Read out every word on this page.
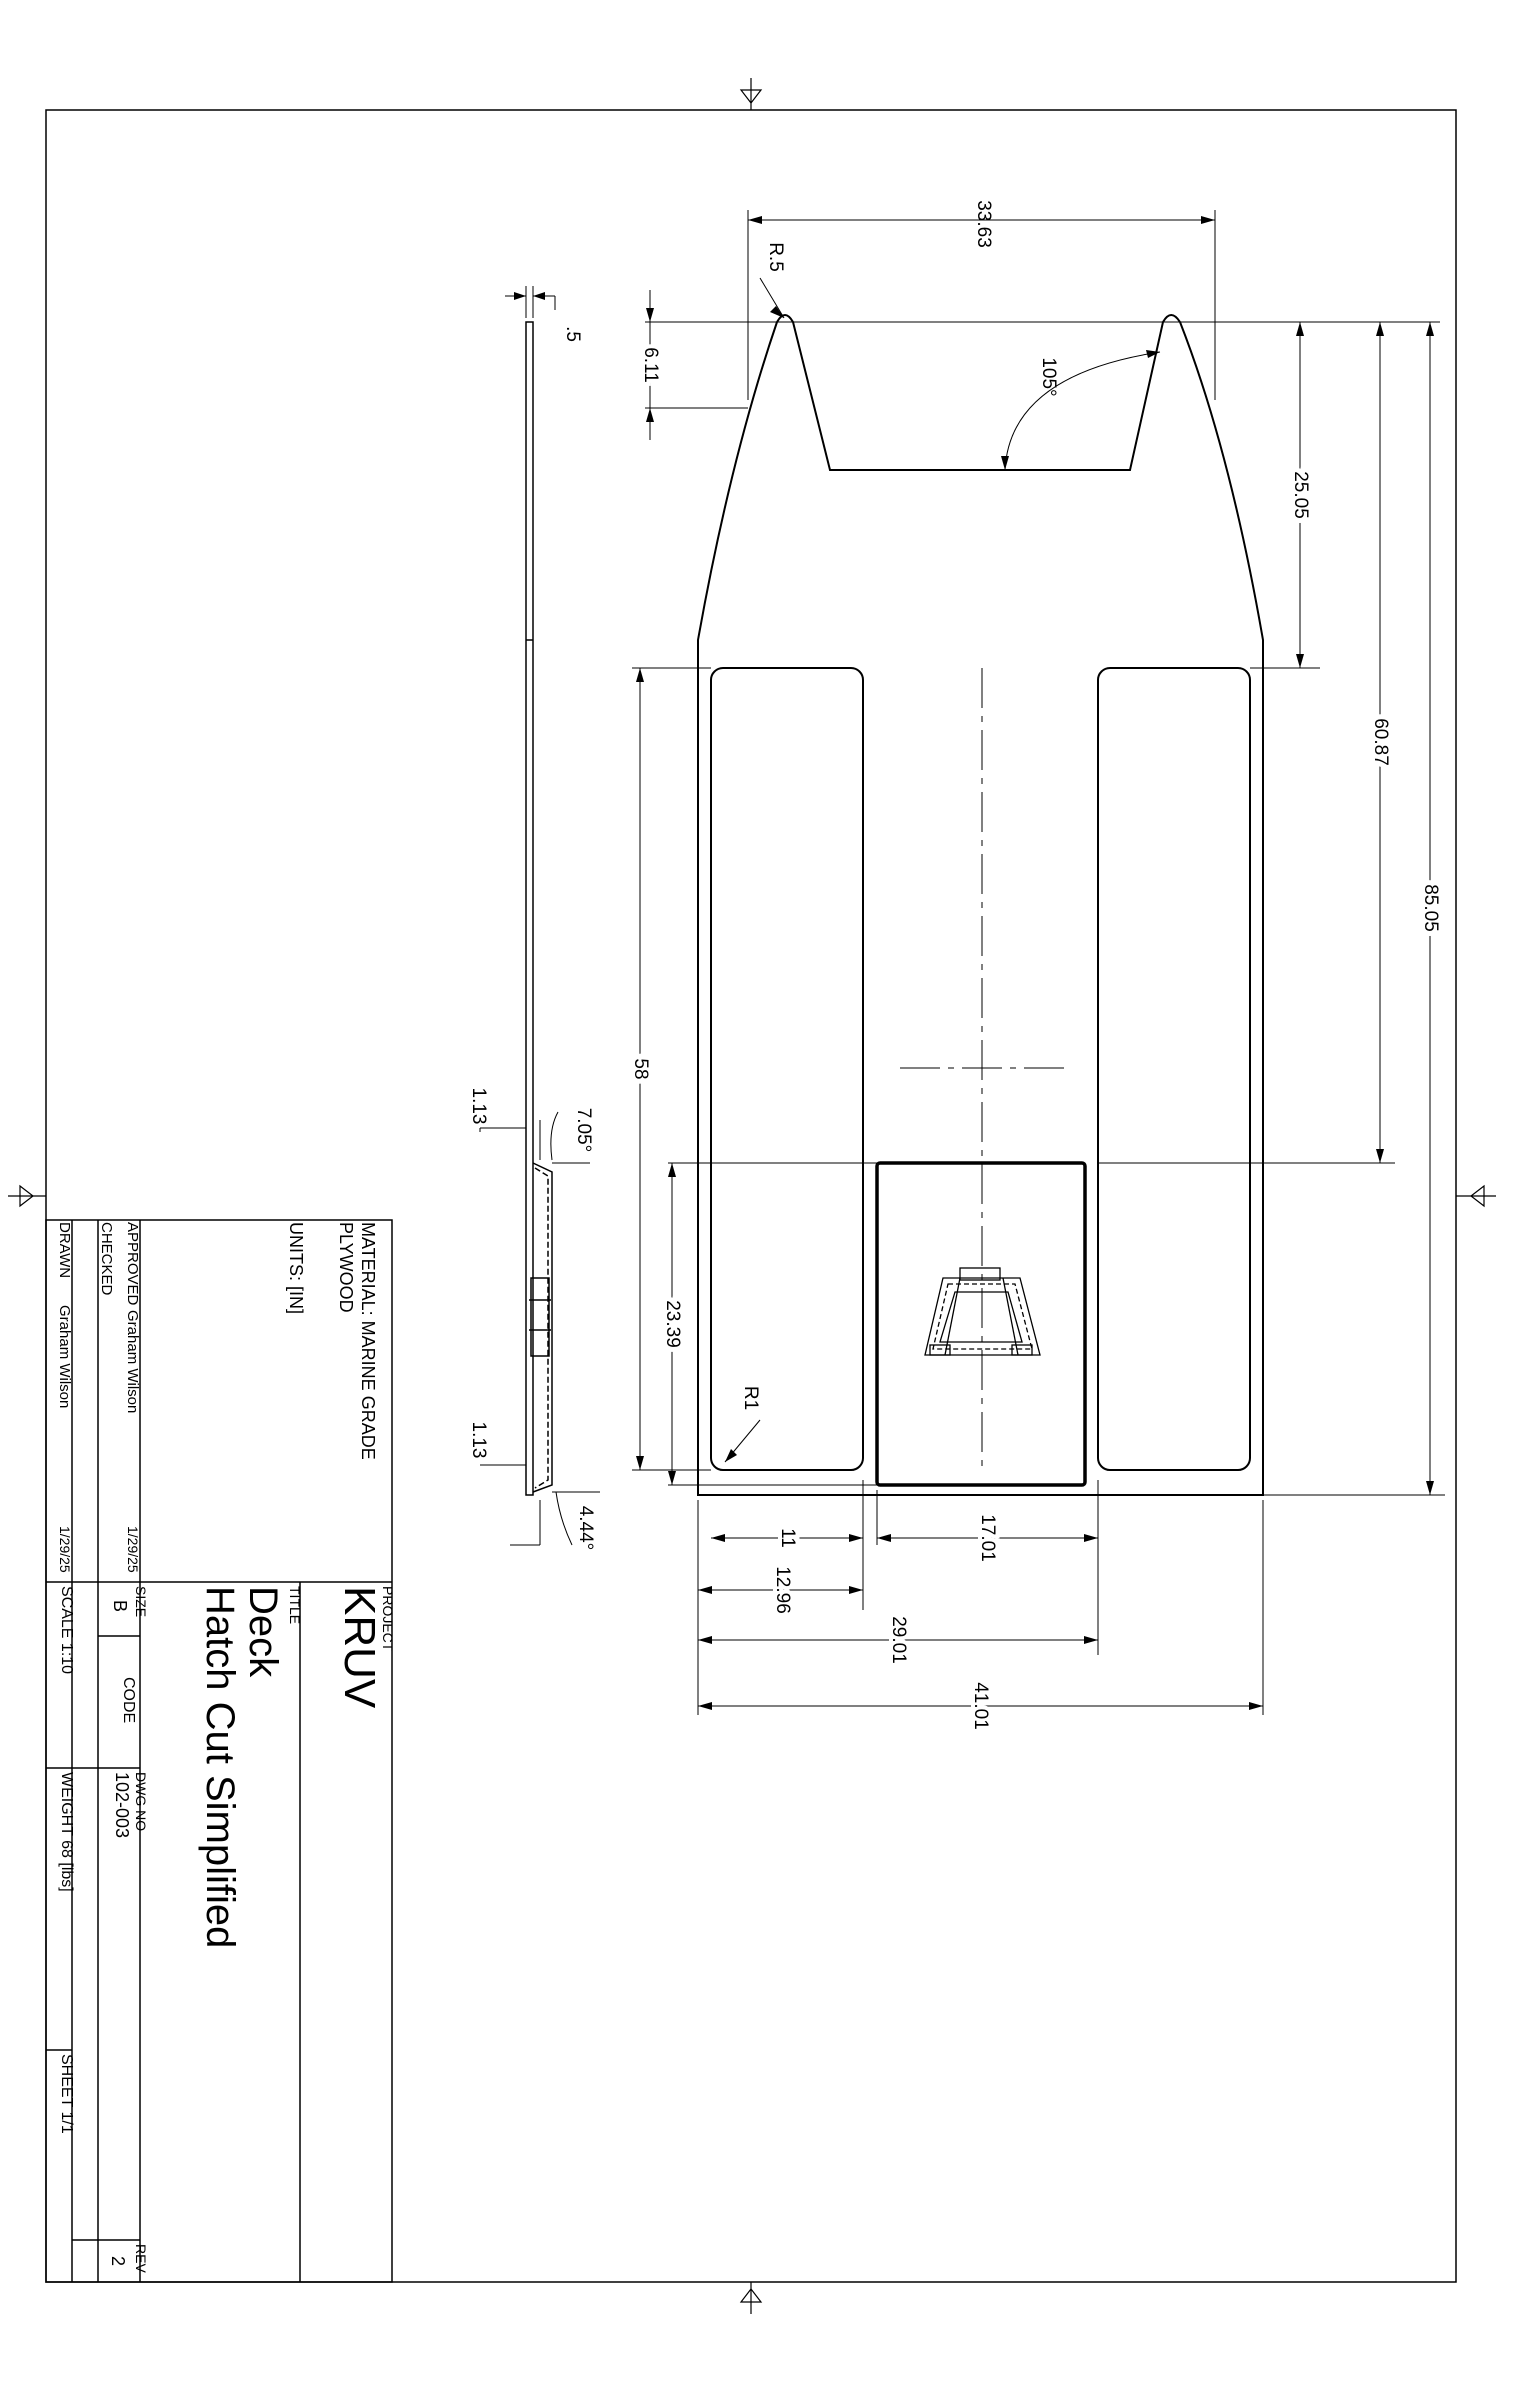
33.63
R.5
6.11	105°
25.05
60.87
85.05
58
23.39
R1
11	17.01
12.96
29.01
41.01
.5
1.13
7.05°
1.13
4.44°
MATERIAL: MARINE GRADE
PLYWOOD
UNITS: [IN]
APPROVED
Graham Wilson
1/29/25
CHECKED
DRAWN
Graham Wilson
1/29/25
PROJECT
KRUV
TITLE
Deck
Hatch Cut Simplified
SIZE
B
CODE
DWG NO
102-003
REV
2
SCALE 1:10
WEIGHT 68 [lbs]
SHEET 1/1
